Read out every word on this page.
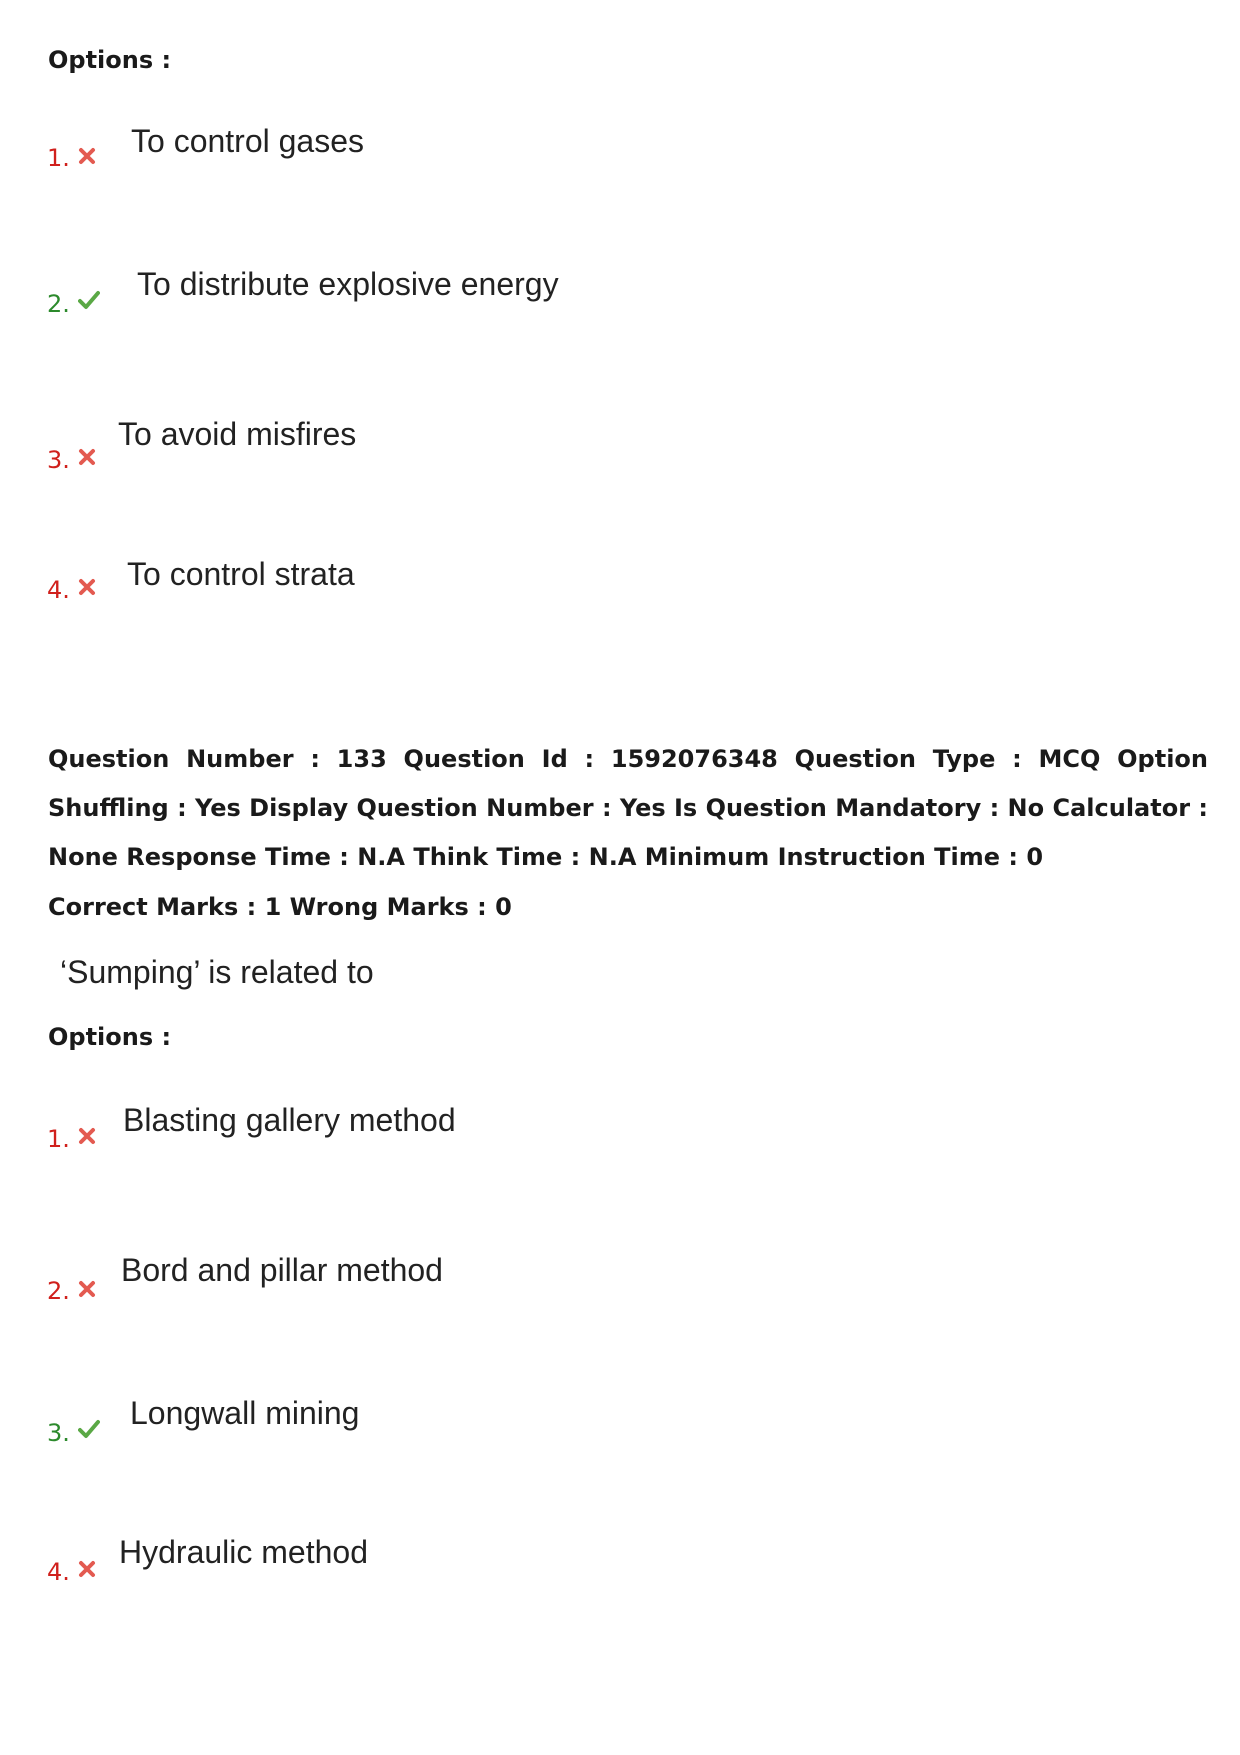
Options :
1. To control gases
2.
To distribute explosive energy
3.
To avoid misfires
4. To control strata
Question Number : 133 Question Id : 1592076348 Question Type : MCQ Option Shuffling : Yes Display Question Number : Yes Is Question Mandatory : No Calculator : None Response Time : N.A Think Time : N.A Minimum Instruction Time : 0
Correct Marks : 1 Wrong Marks : 0
‘Sumping’ is related to
Options :
1.
Blasting gallery method
2.
Bord and pillar method
3.
Longwall mining
4.
Hydraulic method
